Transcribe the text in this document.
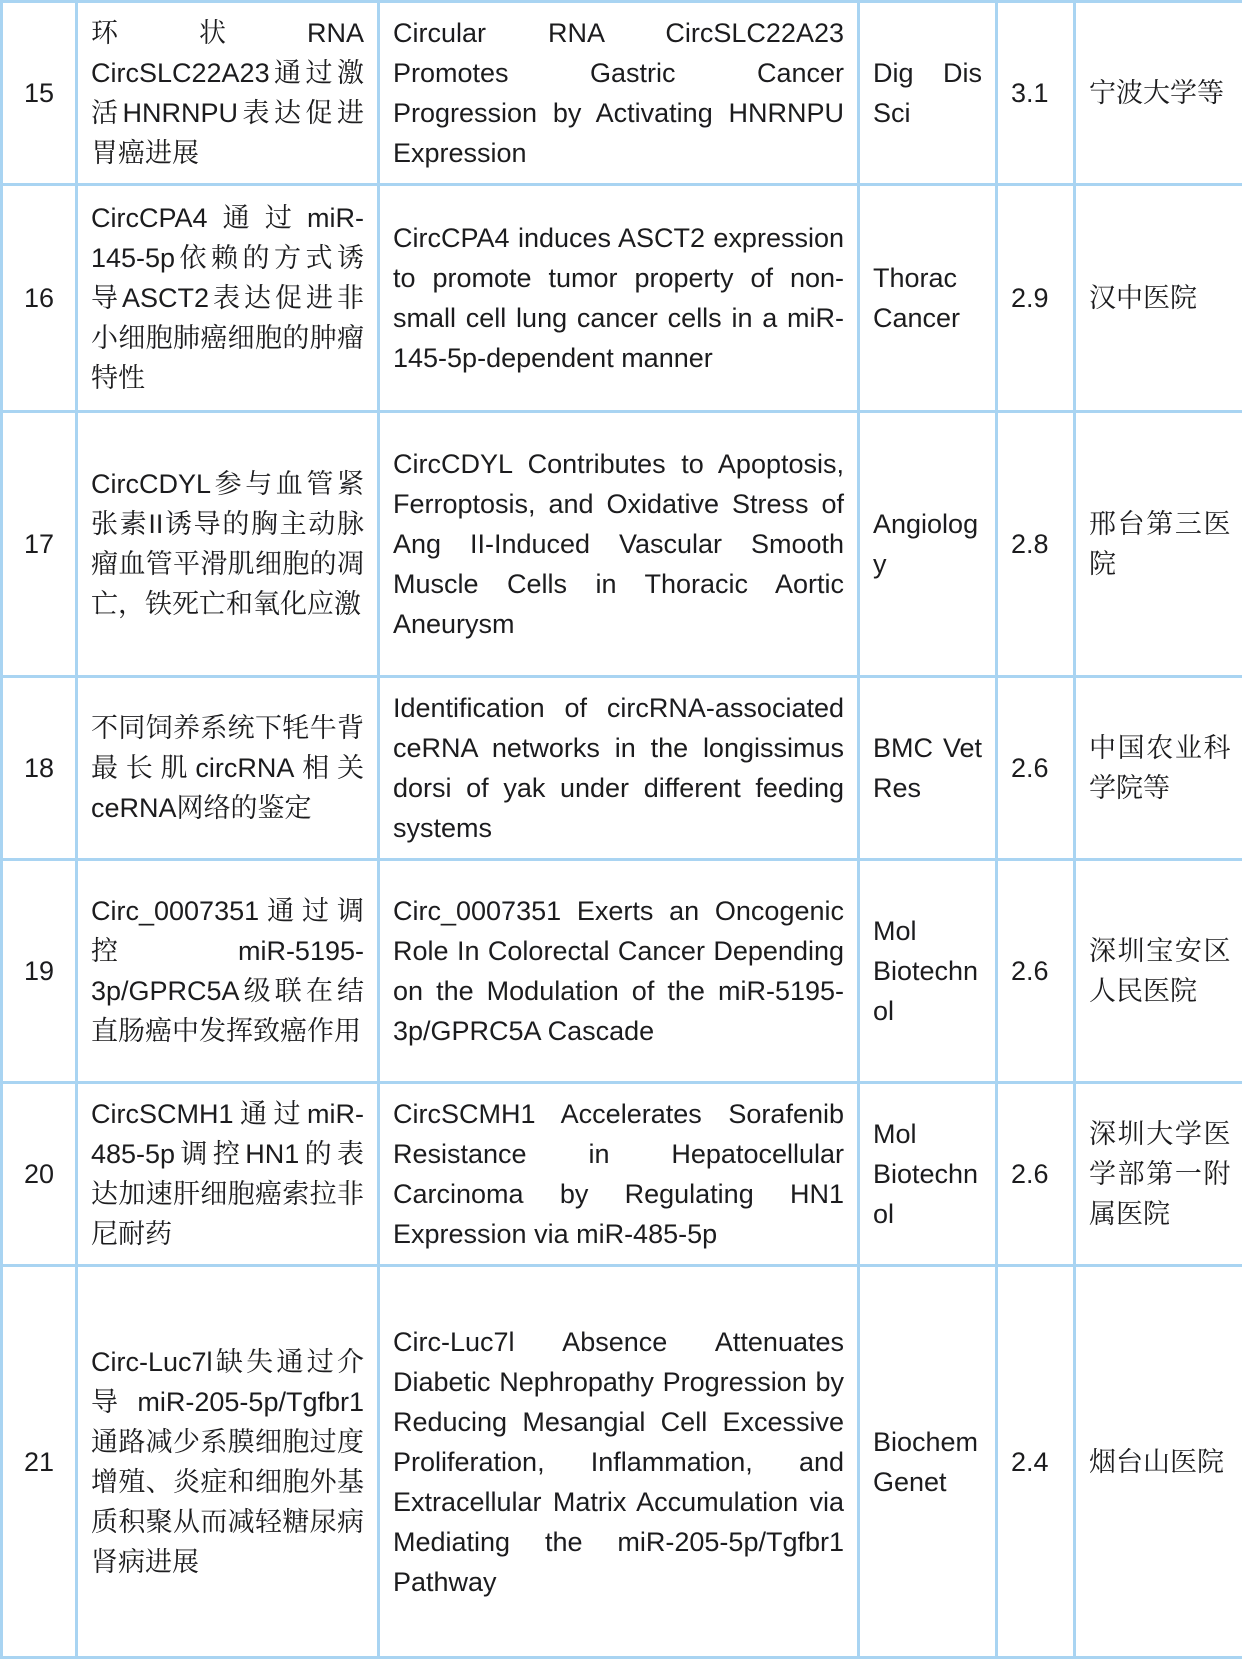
15	环状RNA CircSLC22A23通过激活HNRNPU表达促进胃癌进展	Circular RNA CircSLC22A23 Promotes Gastric Cancer Progression by Activating HNRNPU Expression	Dig Dis Sci	3.1	宁波大学等
16	CircCPA4通过miR-145-5p依赖的方式诱导ASCT2表达促进非小细胞肺癌细胞的肿瘤特性	CircCPA4 induces ASCT2 expression to promote tumor property of non-small cell lung cancer cells in a miR-145-5p-dependent manner	Thorac Cancer	2.9	汉中医院
17	CircCDYL参与血管紧张素II诱导的胸主动脉瘤血管平滑肌细胞的凋亡，铁死亡和氧化应激	CircCDYL Contributes to Apoptosis, Ferroptosis, and Oxidative Stress of Ang II-Induced Vascular Smooth Muscle Cells in Thoracic Aortic Aneurysm	Angiology	2.8	邢台第三医院
18	不同饲养系统下牦牛背最长肌circRNA相关ceRNA网络的鉴定	Identification of circRNA-associated ceRNA networks in the longissimus dorsi of yak under different feeding systems	BMC Vet Res	2.6	中国农业科学院等
19	Circ_0007351通过调控miR-5195-3p/GPRC5A级联在结直肠癌中发挥致癌作用	Circ_0007351 Exerts an Oncogenic Role In Colorectal Cancer Depending on the Modulation of the miR-5195-3p/GPRC5A Cascade	Mol Biotechnol	2.6	深圳宝安区人民医院
20	CircSCMH1通过miR-485-5p调控HN1的表达加速肝细胞癌索拉非尼耐药	CircSCMH1 Accelerates Sorafenib Resistance in Hepatocellular Carcinoma by Regulating HN1 Expression via miR-485-5p	Mol Biotechnol	2.6	深圳大学医学部第一附属医院
21	Circ-Luc7l缺失通过介导miR-205-5p/Tgfbr1通路减少系膜细胞过度增殖、炎症和细胞外基质积聚从而减轻糖尿病肾病进展	Circ-Luc7l Absence Attenuates Diabetic Nephropathy Progression by Reducing Mesangial Cell Excessive Proliferation, Inflammation, and Extracellular Matrix Accumulation via Mediating the miR-205-5p/Tgfbr1 Pathway	Biochem Genet	2.4	烟台山医院
